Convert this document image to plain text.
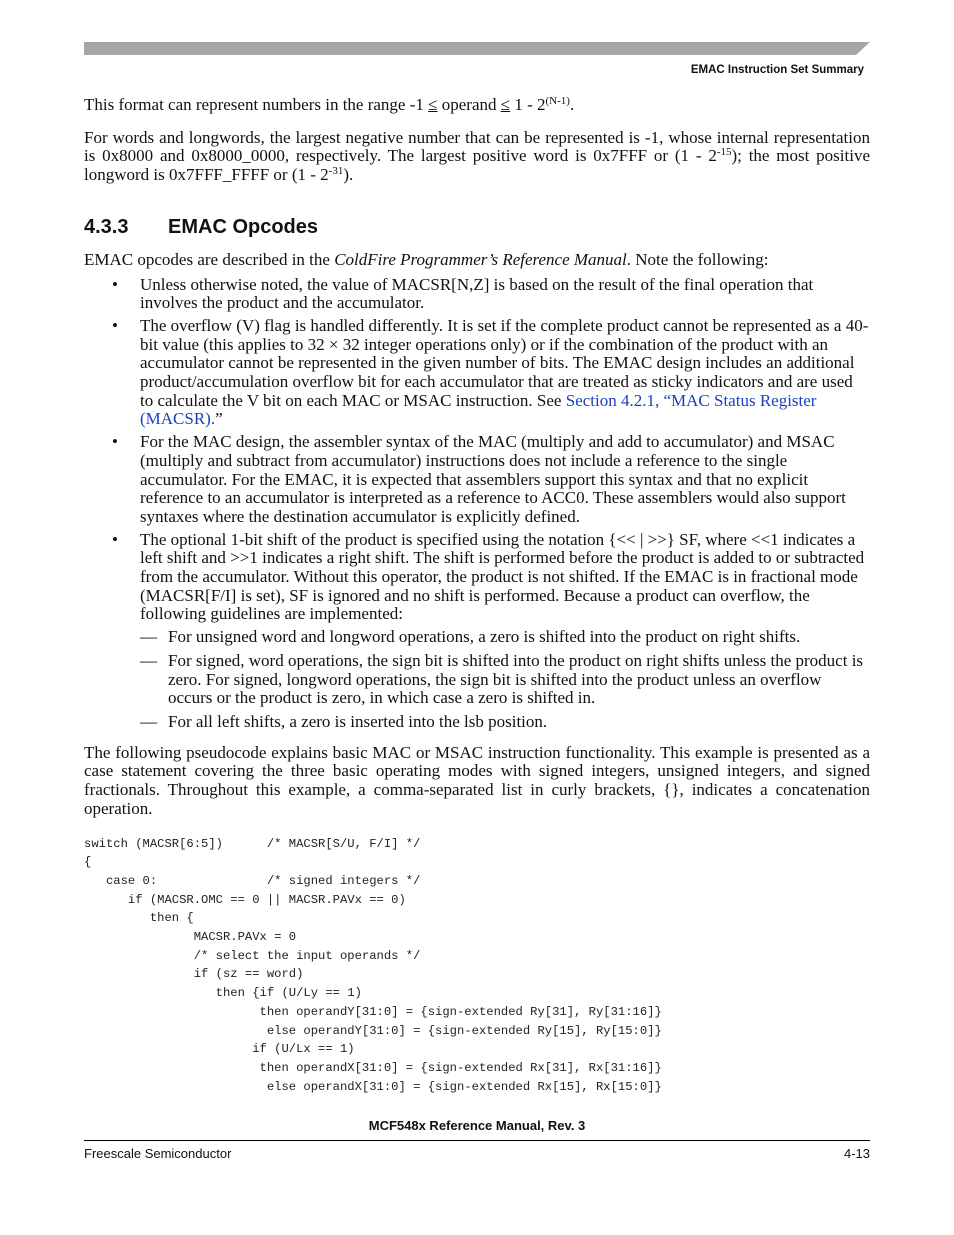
EMAC Instruction Set Summary

This format can represent numbers in the range -1 ≤ operand ≤ $1 - 2^{(N-1)}$.

For words and longwords, the largest negative number that can be represented is -1, whose internal representation is 0x8000 and 0x8000_0000, respectively. The largest positive word is 0x7FFF or $(1 - 2^{-15})$; the most positive longword is 0x7FFF_FFFF or $(1 - 2^{-31})$.

4.3.3 EMAC Opcodes

EMAC opcodes are described in the ColdFire Programmer’s Reference Manual. Note the following:

• Unless otherwise noted, the value of MACSR[N,Z] is based on the result of the final operation that involves the product and the accumulator.
• The overflow (V) flag is handled differently. It is set if the complete product cannot be represented as a 40-bit value (this applies to 32 × 32 integer operations only) or if the combination of the product with an accumulator cannot be represented in the given number of bits. The EMAC design includes an additional product/accumulation overflow bit for each accumulator that are treated as sticky indicators and are used to calculate the V bit on each MAC or MSAC instruction. See Section 4.2.1, “MAC Status Register (MACSR).”
• For the MAC design, the assembler syntax of the MAC (multiply and add to accumulator) and MSAC (multiply and subtract from accumulator) instructions does not include a reference to the single accumulator. For the EMAC, it is expected that assemblers support this syntax and that no explicit reference to an accumulator is interpreted as a reference to ACC0. These assemblers would also support syntaxes where the destination accumulator is explicitly defined.
• The optional 1-bit shift of the product is specified using the notation {<< | >>} SF, where <<1 indicates a left shift and >>1 indicates a right shift. The shift is performed before the product is added to or subtracted from the accumulator. Without this operator, the product is not shifted. If the EMAC is in fractional mode (MACSR[F/I] is set), SF is ignored and no shift is performed. Because a product can overflow, the following guidelines are implemented:
— For unsigned word and longword operations, a zero is shifted into the product on right shifts.
— For signed, word operations, the sign bit is shifted into the product on right shifts unless the product is zero. For signed, longword operations, the sign bit is shifted into the product unless an overflow occurs or the product is zero, in which case a zero is shifted in.
— For all left shifts, a zero is inserted into the lsb position.

The following pseudocode explains basic MAC or MSAC instruction functionality. This example is presented as a case statement covering the three basic operating modes with signed integers, unsigned integers, and signed fractionals. Throughout this example, a comma-separated list in curly brackets, {}, indicates a concatenation operation.

switch (MACSR[6:5])      /* MACSR[S/U, F/I] */
{
case 0:               /* signed integers */
if (MACSR.OMC == 0 || MACSR.PAVx == 0)
then {
MACSR.PAVx = 0
/* select the input operands */
if (sz == word)
then {if (U/Ly == 1)
then operandY[31:0] = {sign-extended Ry[31], Ry[31:16]}
else operandY[31:0] = {sign-extended Ry[15], Ry[15:0]}
if (U/Lx == 1)
then operandX[31:0] = {sign-extended Rx[31], Rx[31:16]}
else operandX[31:0] = {sign-extended Rx[15], Rx[15:0]}
MCF548x Reference Manual, Rev. 3
Freescale Semiconductor	4-13
